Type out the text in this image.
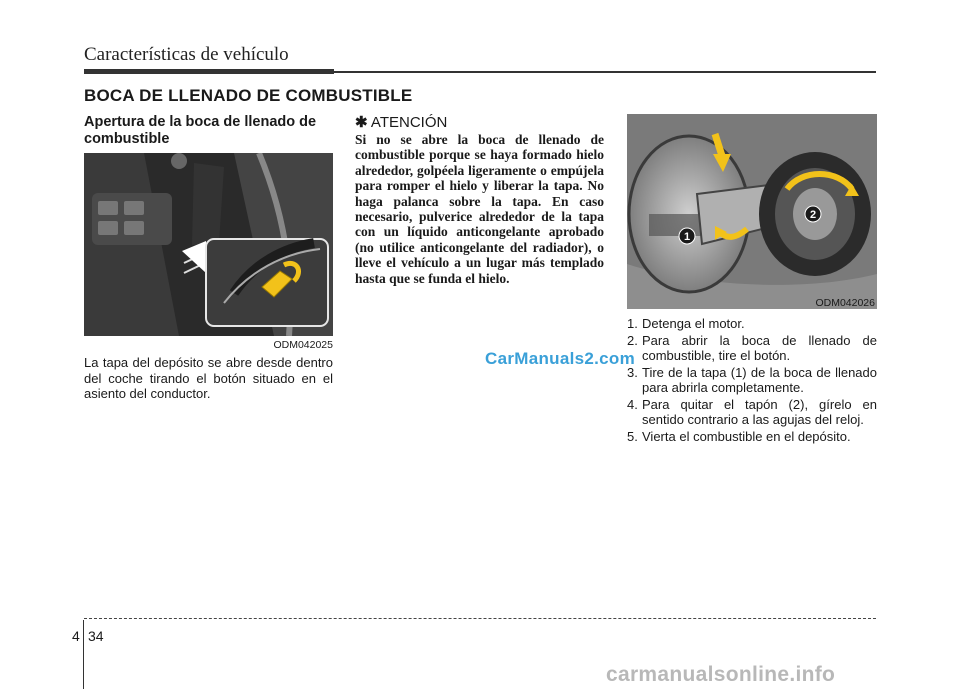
Características de vehículo
BOCA DE LLENADO DE COMBUSTIBLE
Apertura de la boca de llenado de combustible
ODM042025
La tapa del depósito se abre desde dentro del coche tirando el botón situado en el asiento del conductor.
✱ ATENCIÓN
Si no se abre la boca de llenado de combustible porque se haya formado hielo alrededor, golpéela ligeramente o empújela para romper el hielo y liberar la tapa. No haga palanca sobre la tapa. En caso necesario, pulverice alrededor de la tapa con un líquido anticongelante aprobado (no utilice anticongelante del radiador), o lleve el vehículo a un lugar más templado hasta que se funda el hielo.
1
2
ODM042026
1. Detenga el motor.
2. Para abrir la boca de llenado de combustible, tire el botón.
3. Tire de la tapa (1) de la boca de llenado para abrirla completamente.
4. Para quitar el tapón (2), gírelo en sentido contrario a las agujas del reloj.
5. Vierta el combustible en el depósito.
CarManuals2.com
4 34
carmanualsonline.info
